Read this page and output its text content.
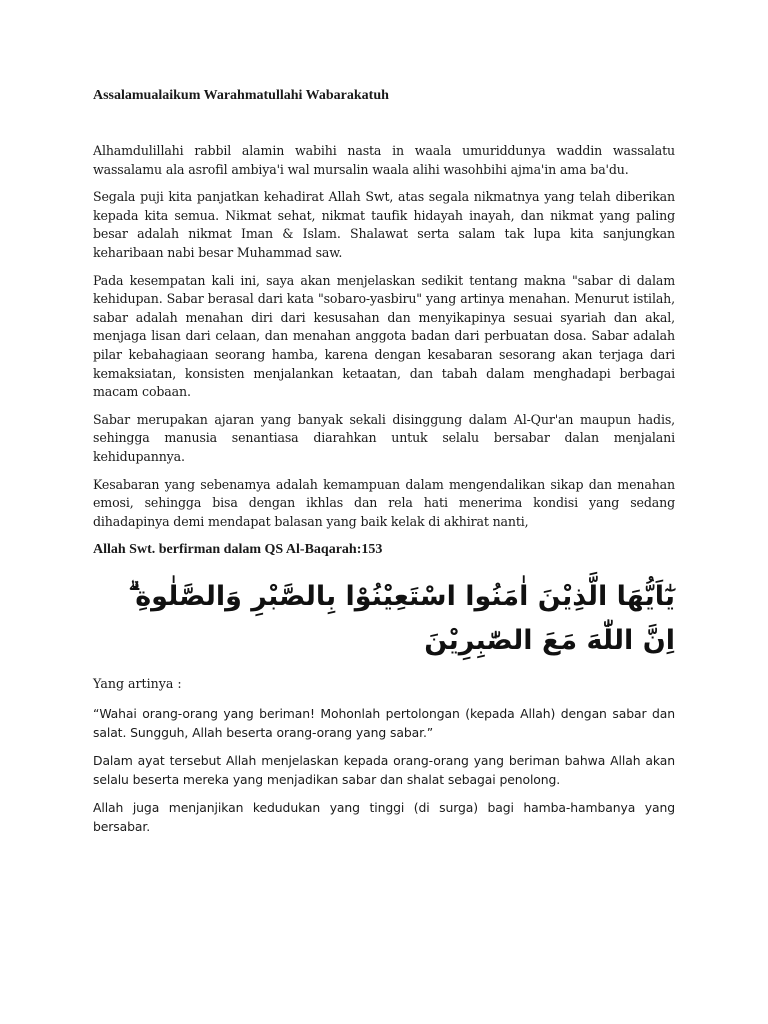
Assalamualaikum Warahmatullahi Wabarakatuh

Alhamdulillahi rabbil alamin wabihi nasta in waala umuriddunya waddin wassalatu wassalamu ala asrofil ambiya'i wal mursalin waala alihi wasohbihi ajma'in ama ba'du.

Segala puji kita panjatkan kehadirat Allah Swt, atas segala nikmatnya yang telah diberikan kepada kita semua. Nikmat sehat, nikmat taufik hidayah inayah, dan nikmat yang paling besar adalah nikmat Iman & Islam. Shalawat serta salam tak lupa kita sanjungkan keharibaan nabi besar Muhammad saw.

Pada kesempatan kali ini, saya akan menjelaskan sedikit tentang makna "sabar di dalam kehidupan. Sabar berasal dari kata "sobaro-yasbiru" yang artinya menahan. Menurut istilah, sabar adalah menahan diri dari kesusahan dan menyikapinya sesuai syariah dan akal, menjaga lisan dari celaan, dan menahan anggota badan dari perbuatan dosa. Sabar adalah pilar kebahagiaan seorang hamba, karena dengan kesabaran sesorang akan terjaga dari kemaksiatan, konsisten menjalankan ketaatan, dan tabah dalam menghadapi berbagai macam cobaan.

Sabar merupakan ajaran yang banyak sekali disinggung dalam Al-Qur'an maupun hadis, sehingga manusia senantiasa diarahkan untuk selalu bersabar dalan menjalani kehidupannya.

Kesabaran yang sebenamya adalah kemampuan dalam mengendalikan sikap dan menahan emosi, sehingga bisa dengan ikhlas dan rela hati menerima kondisi yang sedang dihadapinya demi mendapat balasan yang baik kelak di akhirat nanti,

Allah Swt. berfirman dalam QS Al-Baqarah:153
يٰٓاَيُّهَا الَّذِيْنَ اٰمَنُوا اسْتَعِيْنُوْا بِالصَّبْرِ وَالصَّلٰوةِ ۗ اِنَّ اللّٰهَ مَعَ الصّٰبِرِيْنَ
Yang artinya :

“Wahai orang-orang yang beriman! Mohonlah pertolongan (kepada Allah) dengan sabar dan salat. Sungguh, Allah beserta orang-orang yang sabar.”

Dalam ayat tersebut Allah menjelaskan kepada orang-orang yang beriman bahwa Allah akan selalu beserta mereka yang menjadikan sabar dan shalat sebagai penolong.

Allah juga menjanjikan kedudukan yang tinggi (di surga) bagi hamba-hambanya yang bersabar.
